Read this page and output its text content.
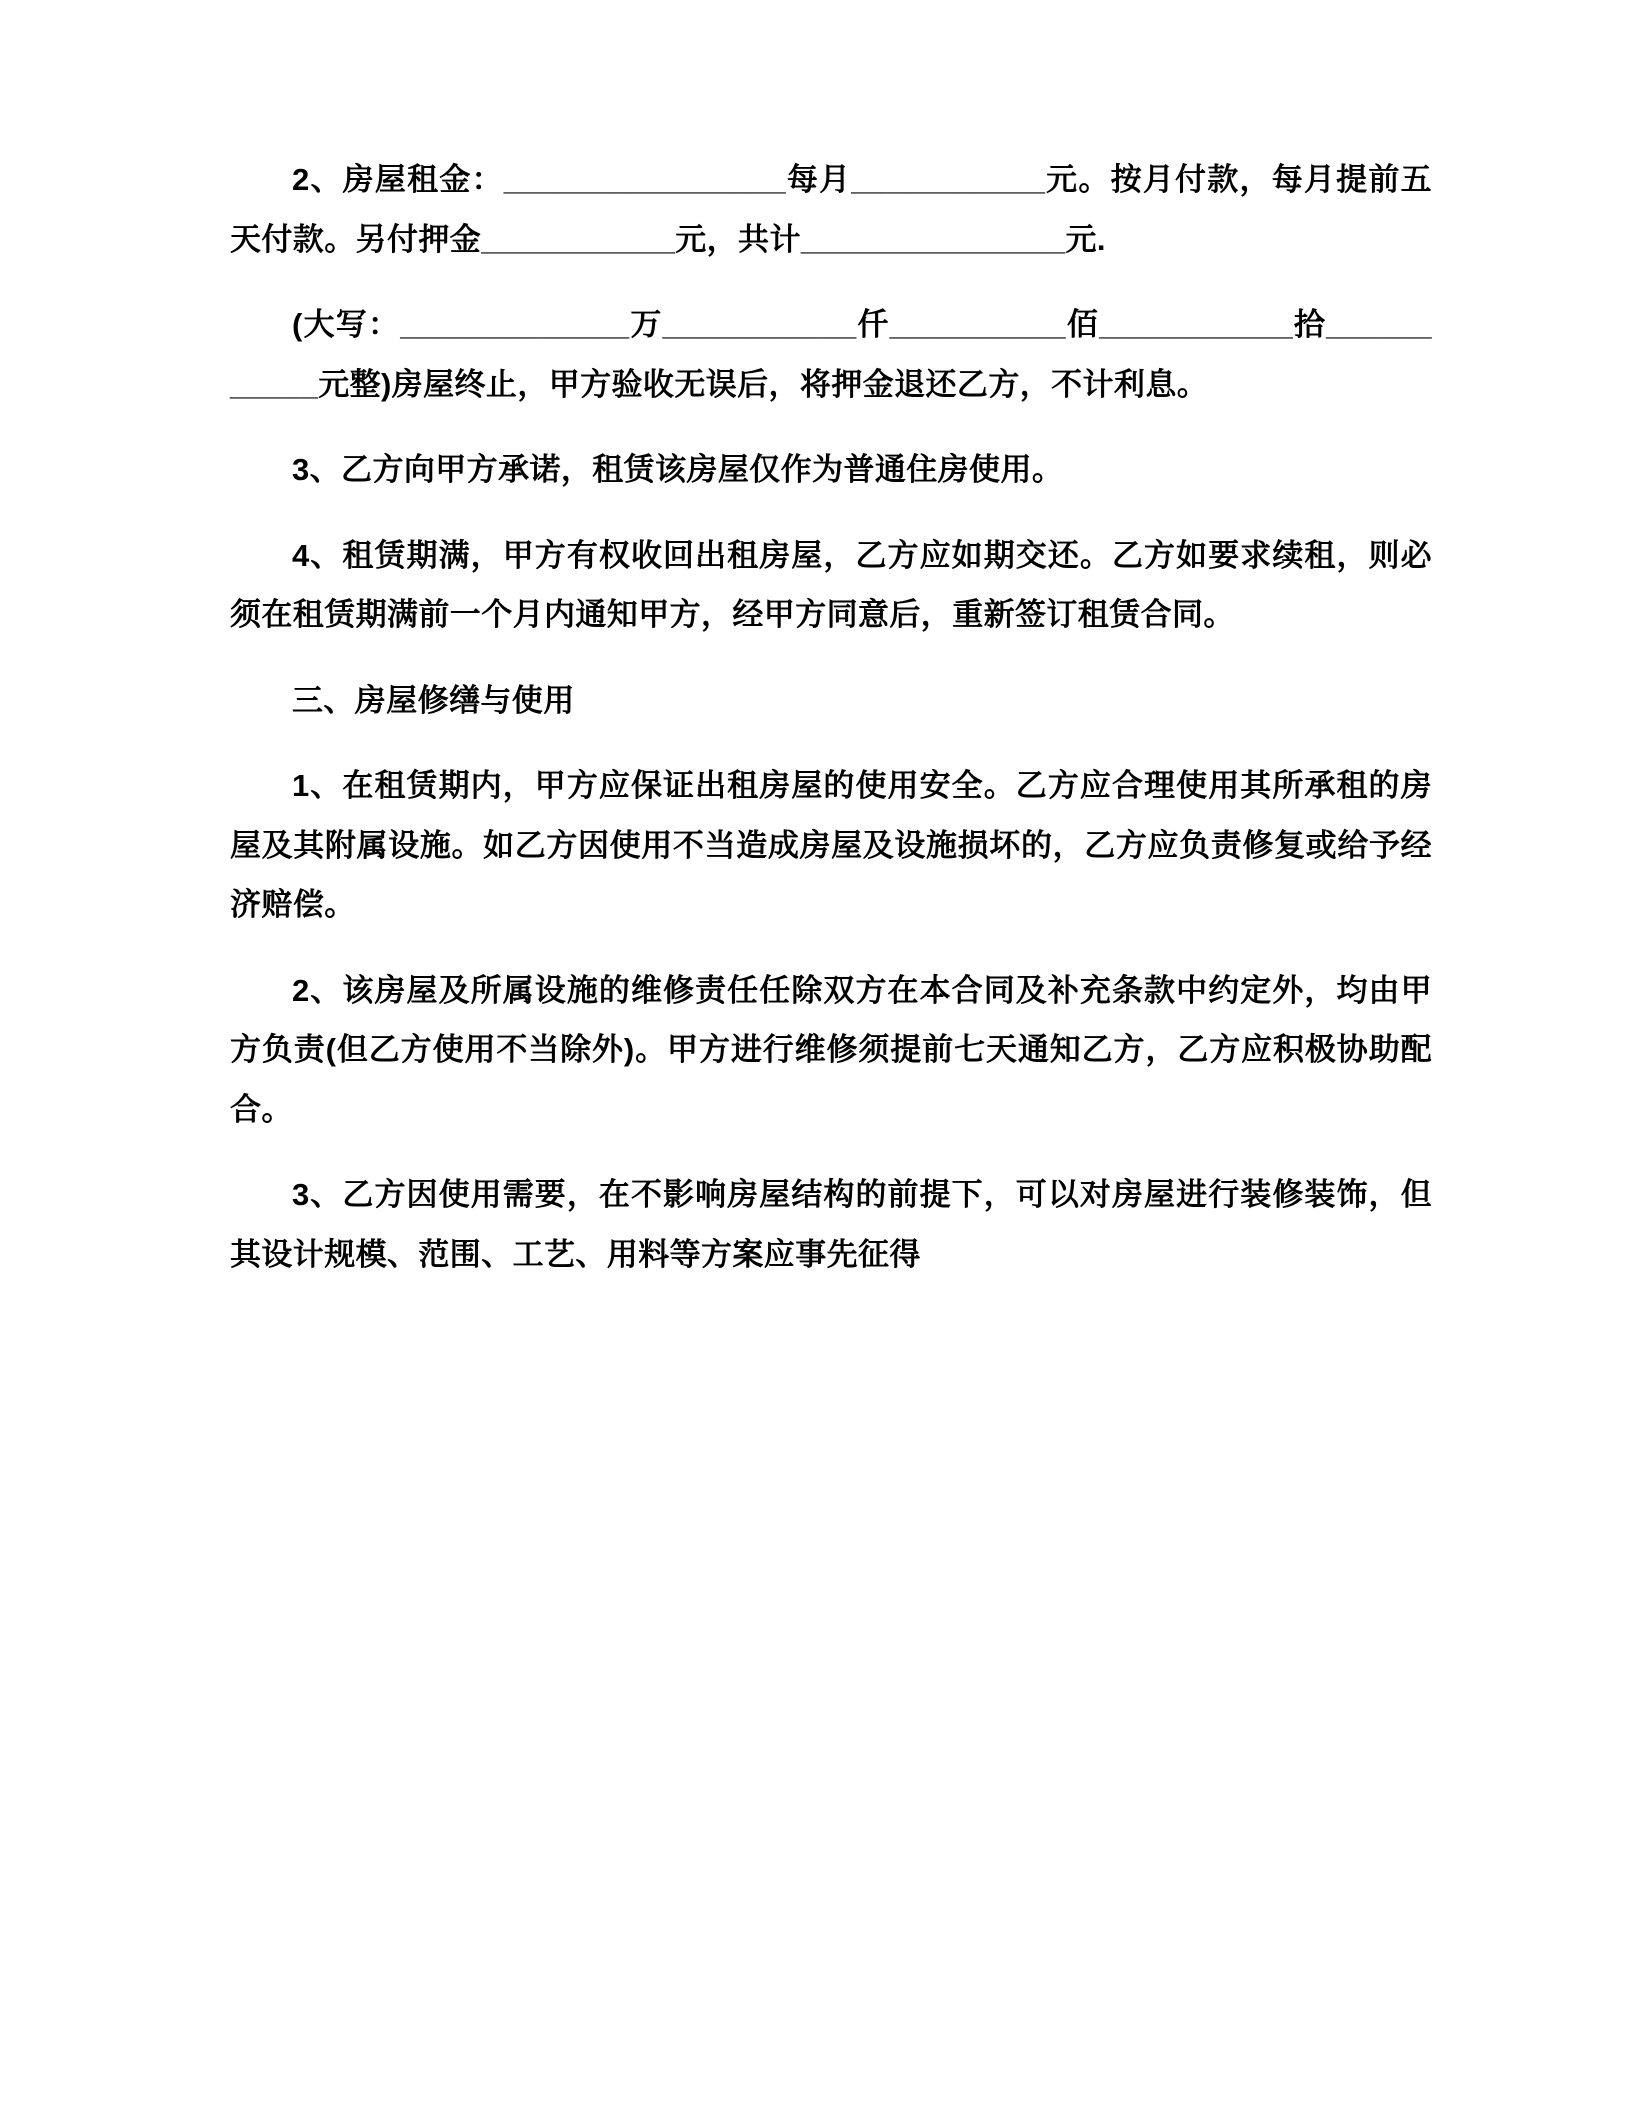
2、房屋租金：________________每月___________元。按月付款，每月提前五天付款。另付押金___________元，共计_______________元.

(大写：_____________万___________仟__________佰___________拾___________元整)房屋终止，甲方验收无误后，将押金退还乙方，不计利息。

3、乙方向甲方承诺，租赁该房屋仅作为普通住房使用。

4、租赁期满，甲方有权收回出租房屋，乙方应如期交还。乙方如要求续租，则必须在租赁期满前一个月内通知甲方，经甲方同意后，重新签订租赁合同。

三、房屋修缮与使用

1、在租赁期内，甲方应保证出租房屋的使用安全。乙方应合理使用其所承租的房屋及其附属设施。如乙方因使用不当造成房屋及设施损坏的，乙方应负责修复或给予经济赔偿。

2、该房屋及所属设施的维修责任任除双方在本合同及补充条款中约定外，均由甲方负责(但乙方使用不当除外)。甲方进行维修须提前七天通知乙方，乙方应积极协助配合。

3、乙方因使用需要，在不影响房屋结构的前提下，可以对房屋进行装修装饰，但其设计规模、范围、工艺、用料等方案应事先征得
